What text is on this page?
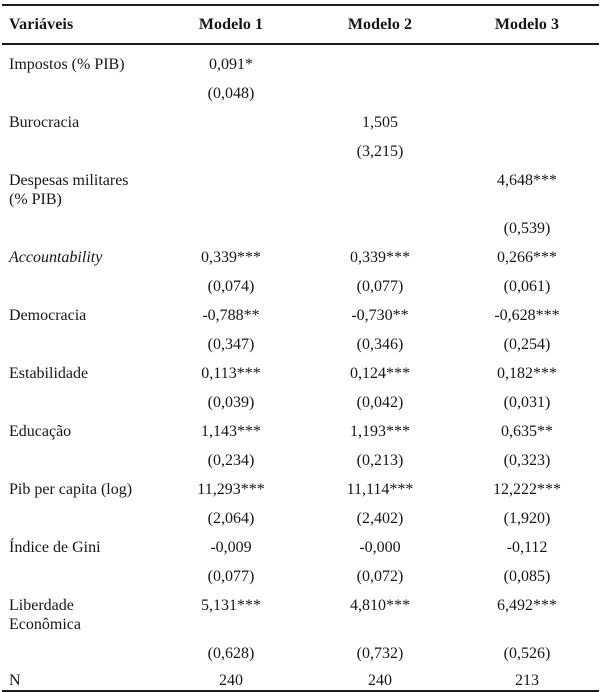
Variáveis	Modelo 1	Modelo 2	Modelo 3
Impostos (% PIB)	0,091*		
	(0,048)		
Burocracia		1,505	
		(3,215)	
Despesas militares
(% PIB)			4,648***
			(0,539)
Accountability	0,339***	0,339***	0,266***
	(0,074)	(0,077)	(0,061)
Democracia	-0,788**	-0,730**	-0,628***
	(0,347)	(0,346)	(0,254)
Estabilidade	0,113***	0,124***	0,182***
	(0,039)	(0,042)	(0,031)
Educação	1,143***	1,193***	0,635**
	(0,234)	(0,213)	(0,323)
Pib per capita (log)	11,293***	11,114***	12,222***
	(2,064)	(2,402)	(1,920)
Índice de Gini	-0,009	-0,000	-0,112
	(0,077)	(0,072)	(0,085)
Liberdade
Econômica	5,131***	4,810***	6,492***
	(0,628)	(0,732)	(0,526)
N	240	240	213
